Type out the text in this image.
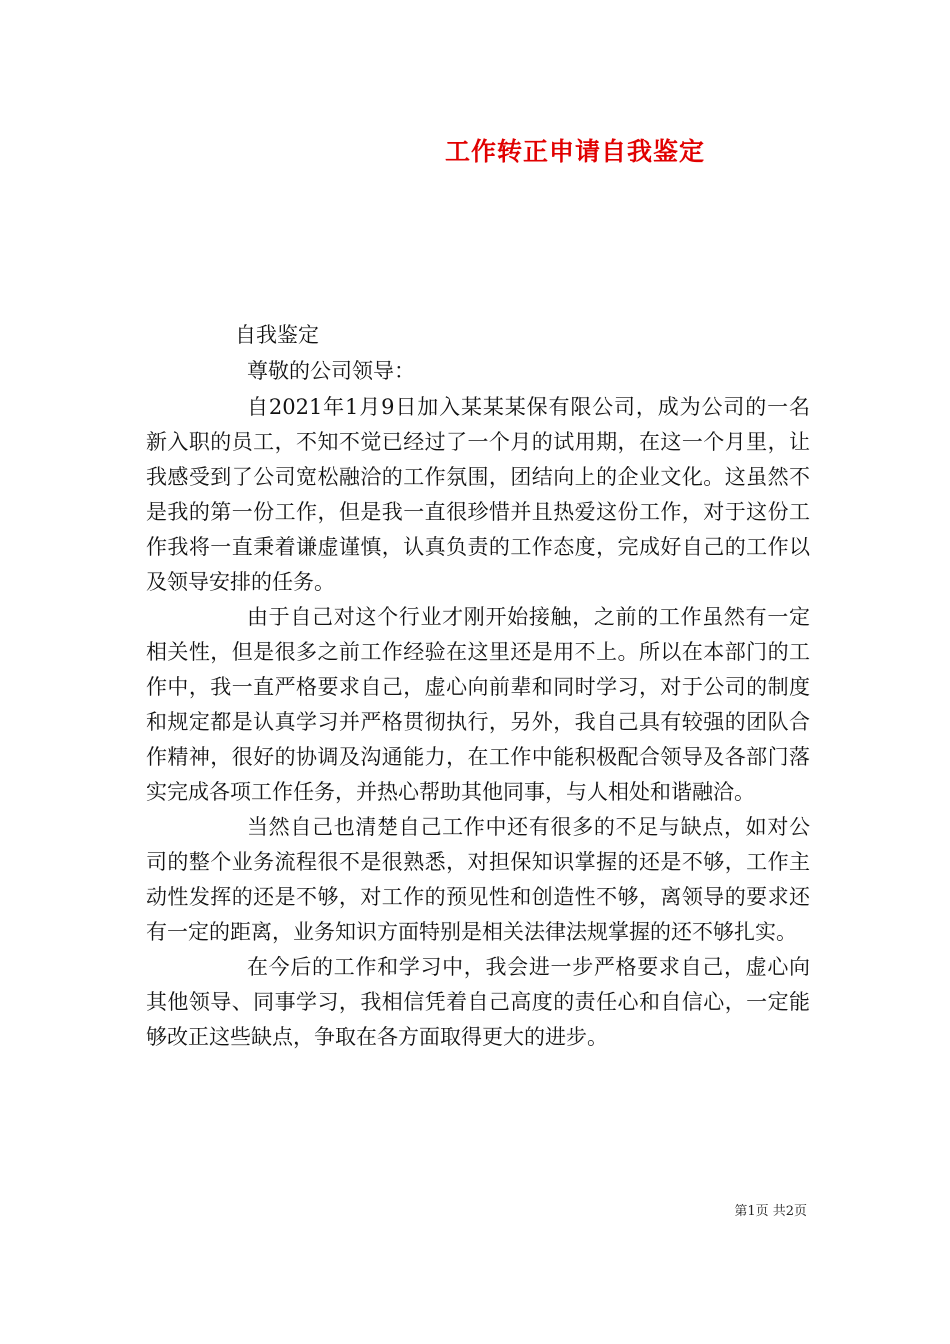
工作转正申请自我鉴定

自我鉴定

尊敬的公司领导：

自2021年1月9日加入某某某保有限公司，成为公司的一名新入职的员工，不知不觉已经过了一个月的试用期，在这一个月里，让我感受到了公司宽松融洽的工作氛围，团结向上的企业文化。这虽然不是我的第一份工作，但是我一直很珍惜并且热爱这份工作，对于这份工作我将一直秉着谦虚谨慎，认真负责的工作态度，完成好自己的工作以及领导安排的任务。

由于自己对这个行业才刚开始接触，之前的工作虽然有一定相关性，但是很多之前工作经验在这里还是用不上。所以在本部门的工作中，我一直严格要求自己，虚心向前辈和同时学习，对于公司的制度和规定都是认真学习并严格贯彻执行，另外，我自己具有较强的团队合作精神，很好的协调及沟通能力，在工作中能积极配合领导及各部门落实完成各项工作任务，并热心帮助其他同事，与人相处和谐融洽。

当然自己也清楚自己工作中还有很多的不足与缺点，如对公司的整个业务流程很不是很熟悉，对担保知识掌握的还是不够，工作主动性发挥的还是不够，对工作的预见性和创造性不够，离领导的要求还有一定的距离，业务知识方面特别是相关法律法规掌握的还不够扎实。

在今后的工作和学习中，我会进一步严格要求自己，虚心向其他领导、同事学习，我相信凭着自己高度的责任心和自信心，一定能够改正这些缺点，争取在各方面取得更大的进步。

第1页 共2页
